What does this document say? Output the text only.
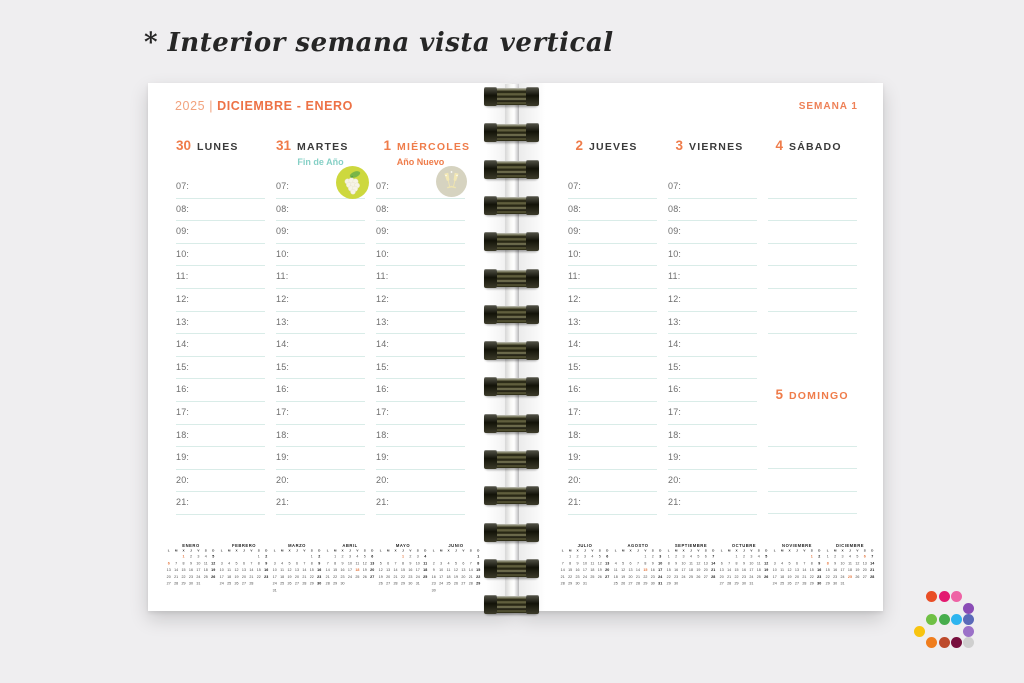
* Interior semana vista vertical
2025 | DICIEMBRE - ENERO
30 LUNES
07:
08:
09:
10:
11:
12:
13:
14:
15:
16:
17:
18:
19:
20:
21:
31 MARTES
Fin de Año
07:
08:
09:
10:
11:
12:
13:
14:
15:
16:
17:
18:
19:
20:
21:
1 MIÉRCOLES
Año Nuevo
07:
08:
09:
10:
11:
12:
13:
14:
15:
16:
17:
18:
19:
20:
21:
ENERO
L M X J V S D
1 2 3 4 5
6 7 8 9 10 11 12
13 14 15 16 17 18 19
20 21 22 23 24 25 26
27 28 29 30 31
FEBRERO
L M X J V S D
1 2
3 4 5 6 7 8 9
10 11 12 13 14 15 16
17 18 19 20 21 22 23
24 25 26 27 28
MARZO
L M X J V S D
1 2
3 4 5 6 7 8 9
10 11 12 13 14 15 16
17 18 19 20 21 22 23
24 25 26 27 28 29 30
31
ABRIL
L M X J V S D
1 2 3 4 5 6
7 8 9 10 11 12 13
14 15 16 17 18 19 20
21 22 23 24 25 26 27
28 29 30
MAYO
L M X J V S D
1 2 3 4
5 6 7 8 9 10 11
12 13 14 15 16 17 18
19 20 21 22 23 24 25
26 27 28 29 30 31
JUNIO
L M X J V S D
1
2 3 4 5 6 7 8
9 10 11 12 13 14 15
16 17 18 19 20 21 22
23 24 25 26 27 28 29
30
SEMANA 1
2 JUEVES
07:
08:
09:
10:
11:
12:
13:
14:
15:
16:
17:
18:
19:
20:
21:
3 VIERNES
07:
08:
09:
10:
11:
12:
13:
14:
15:
16:
17:
18:
19:
20:
21:
4 SÁBADO
5 DOMINGO
JULIO
L M X J V S D
1 2 3 4 5 6
7 8 9 10 11 12 13
14 15 16 17 18 19 20
21 22 23 24 25 26 27
28 29 30 31
AGOSTO
L M X J V S D
1 2 3
4 5 6 7 8 9 10
11 12 13 14 15 16 17
18 19 20 21 22 23 24
25 26 27 28 29 30 31
SEPTIEMBRE
L M X J V S D
1 2 3 4 5 6 7
8 9 10 11 12 13 14
15 16 17 18 19 20 21
22 23 24 25 26 27 28
29 30
OCTUBRE
L M X J V S D
1 2 3 4 5
6 7 8 9 10 11 12
13 14 15 16 17 18 19
20 21 22 23 24 25 26
27 28 29 30 31
NOVIEMBRE
L M X J V S D
1 2
3 4 5 6 7 8 9
10 11 12 13 14 15 16
17 18 19 20 21 22 23
24 25 26 27 28 29 30
DICIEMBRE
L M X J V S D
1 2 3 4 5 6 7
8 9 10 11 12 13 14
15 16 17 18 19 20 21
22 23 24 25 26 27 28
29 30 31
